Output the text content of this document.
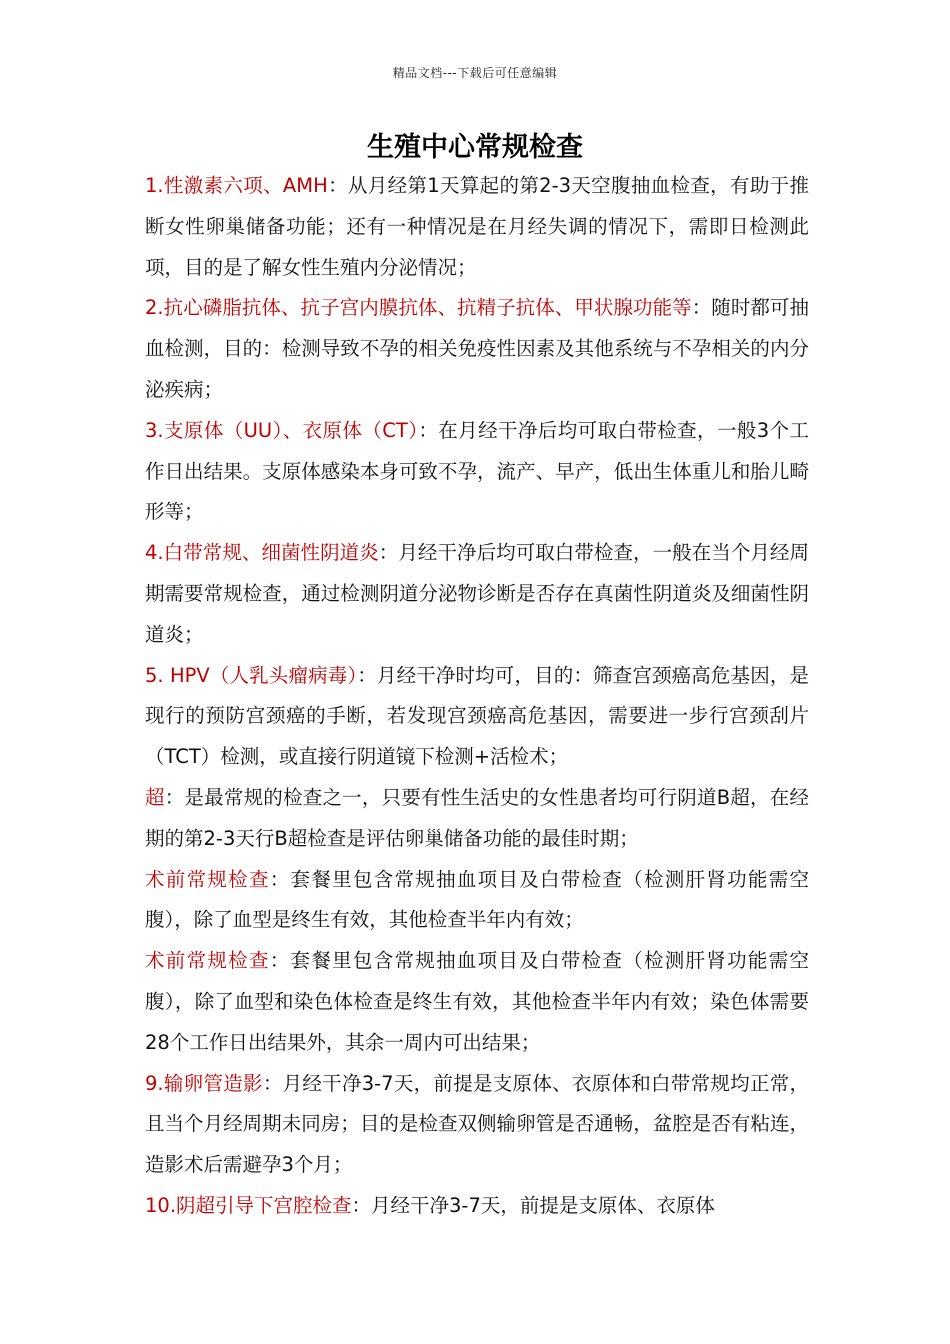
精品文档---下载后可任意编辑
生殖中心常规检查

1.性激素六项、AMH：从月经第1天算起的第2-3天空腹抽血检查，有助于推断女性卵巢储备功能；还有一种情况是在月经失调的情况下，需即日检测此项，目的是了解女性生殖内分泌情况；

2.抗心磷脂抗体、抗子宫内膜抗体、抗精子抗体、甲状腺功能等：随时都可抽血检测，目的：检测导致不孕的相关免疫性因素及其他系统与不孕相关的内分泌疾病；

3.支原体（UU）、衣原体（CT）：在月经干净后均可取白带检查，一般3个工作日出结果。支原体感染本身可致不孕，流产、早产，低出生体重儿和胎儿畸形等；

4.白带常规、细菌性阴道炎：月经干净后均可取白带检查，一般在当个月经周期需要常规检查，通过检测阴道分泌物诊断是否存在真菌性阴道炎及细菌性阴道炎；

5. HPV（人乳头瘤病毒）：月经干净时均可，目的：筛查宫颈癌高危基因，是现行的预防宫颈癌的手断，若发现宫颈癌高危基因，需要进一步行宫颈刮片（TCT）检测，或直接行阴道镜下检测+活检术；

超：是最常规的检查之一，只要有性生活史的女性患者均可行阴道B超，在经期的第2-3天行B超检查是评估卵巢储备功能的最佳时期；

术前常规检查：套餐里包含常规抽血项目及白带检查（检测肝肾功能需空腹），除了血型是终生有效，其他检查半年内有效；

术前常规检查：套餐里包含常规抽血项目及白带检查（检测肝肾功能需空腹），除了血型和染色体检查是终生有效，其他检查半年内有效；染色体需要28个工作日出结果外，其余一周内可出结果；

9.输卵管造影：月经干净3-7天，前提是支原体、衣原体和白带常规均正常，且当个月经周期未同房；目的是检查双侧输卵管是否通畅，盆腔是否有粘连，造影术后需避孕3个月；

10.阴超引导下宫腔检查：月经干净3-7天，前提是支原体、衣原体
